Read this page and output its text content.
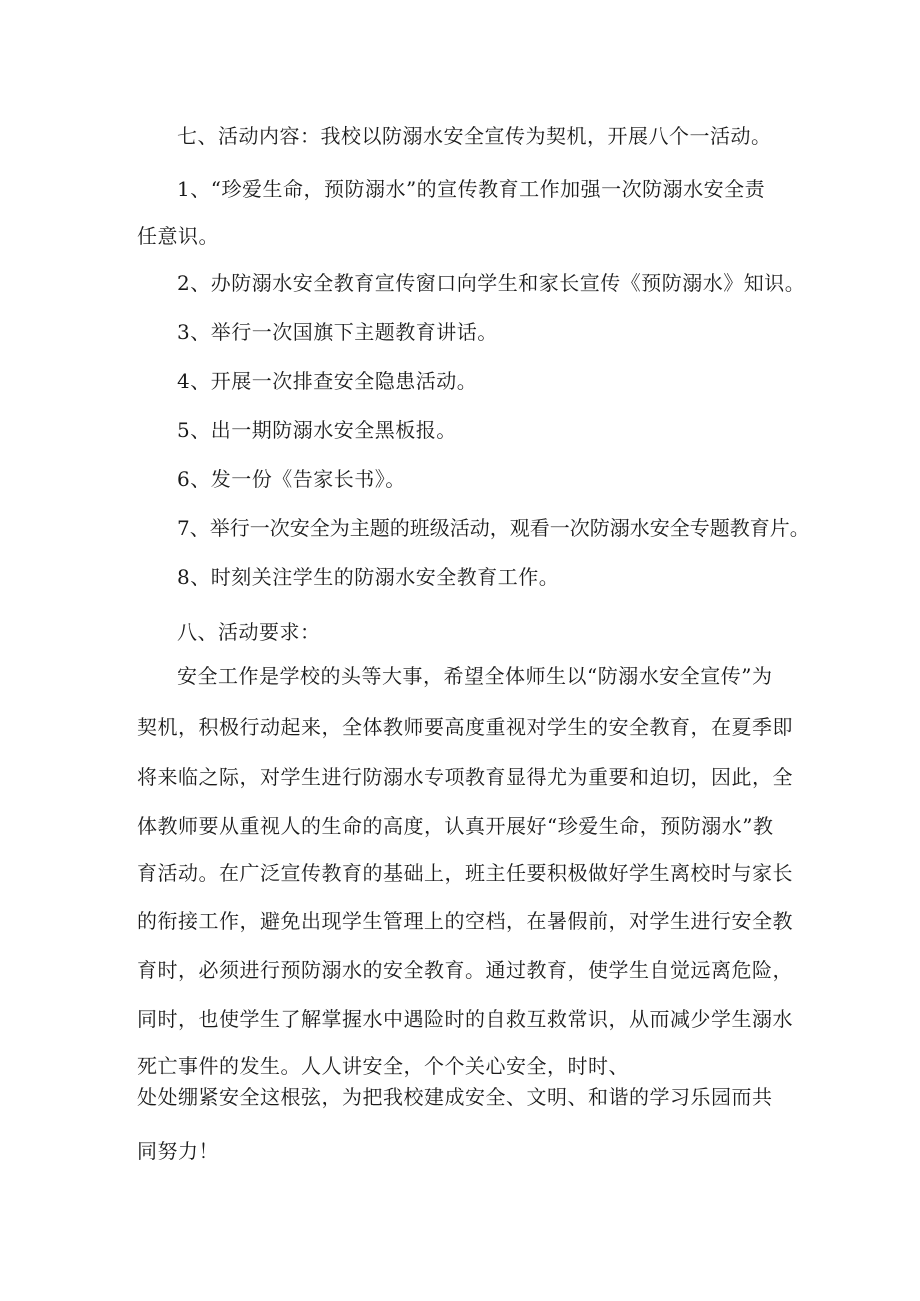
七、活动内容：我校以防溺水安全宣传为契机，开展八个一活动。
1、“珍爱生命，预防溺水”的宣传教育工作加强一次防溺水安全责
任意识。
2、办防溺水安全教育宣传窗口向学生和家长宣传《预防溺水》知识。
3、举行一次国旗下主题教育讲话。
4、开展一次排查安全隐患活动。
5、出一期防溺水安全黑板报。
6、发一份《告家长书》。
7、举行一次安全为主题的班级活动，观看一次防溺水安全专题教育片。
8、时刻关注学生的防溺水安全教育工作。
八、活动要求：
安全工作是学校的头等大事，希望全体师生以“防溺水安全宣传”为
契机，积极行动起来，全体教师要高度重视对学生的安全教育，在夏季即
将来临之际，对学生进行防溺水专项教育显得尤为重要和迫切，因此，全
体教师要从重视人的生命的高度，认真开展好“珍爱生命，预防溺水”教
育活动。在广泛宣传教育的基础上，班主任要积极做好学生离校时与家长
的衔接工作，避免出现学生管理上的空档，在暑假前，对学生进行安全教
育时，必须进行预防溺水的安全教育。通过教育，使学生自觉远离危险，
同时，也使学生了解掌握水中遇险时的自救互救常识，从而减少学生溺水
死亡事件的发生。人人讲安全，个个关心安全，时时、
处处绷紧安全这根弦，为把我校建成安全、文明、和谐的学习乐园而共
同努力！
